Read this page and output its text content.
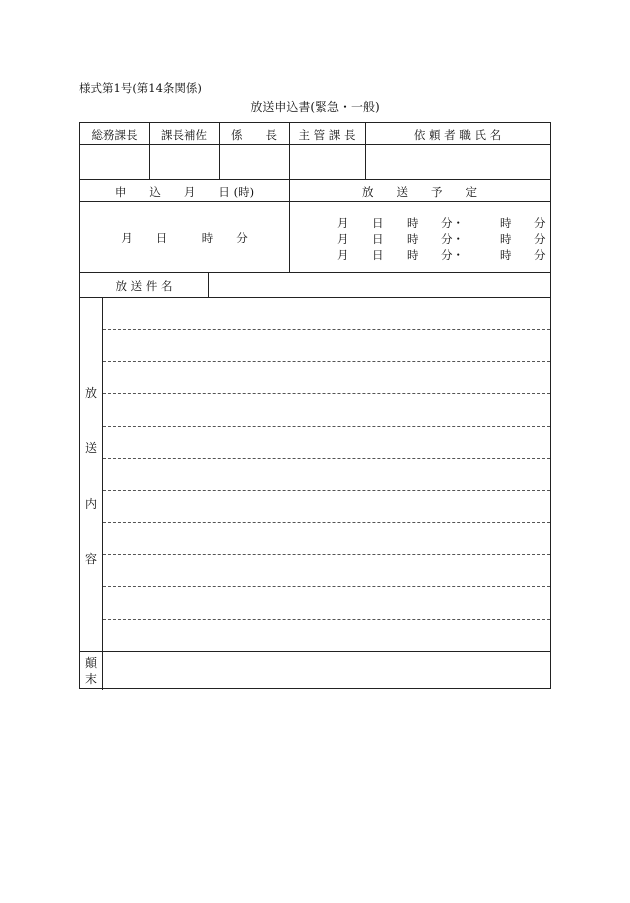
様式第1号(第14条関係)
放送申込書(緊急・一般)
総務課長	課長補佐	係　　長	主 管 課 長	依 頼 者 職 氏 名
申　　込　　月　　日 (時)	放　　送　　予　　定
月　　日　　　時　　分
月 日 時 分・	時 分
月 日 時 分・	時 分
月 日 時 分・	時 分
放 送 件 名
放
送
内
容
顛
末
